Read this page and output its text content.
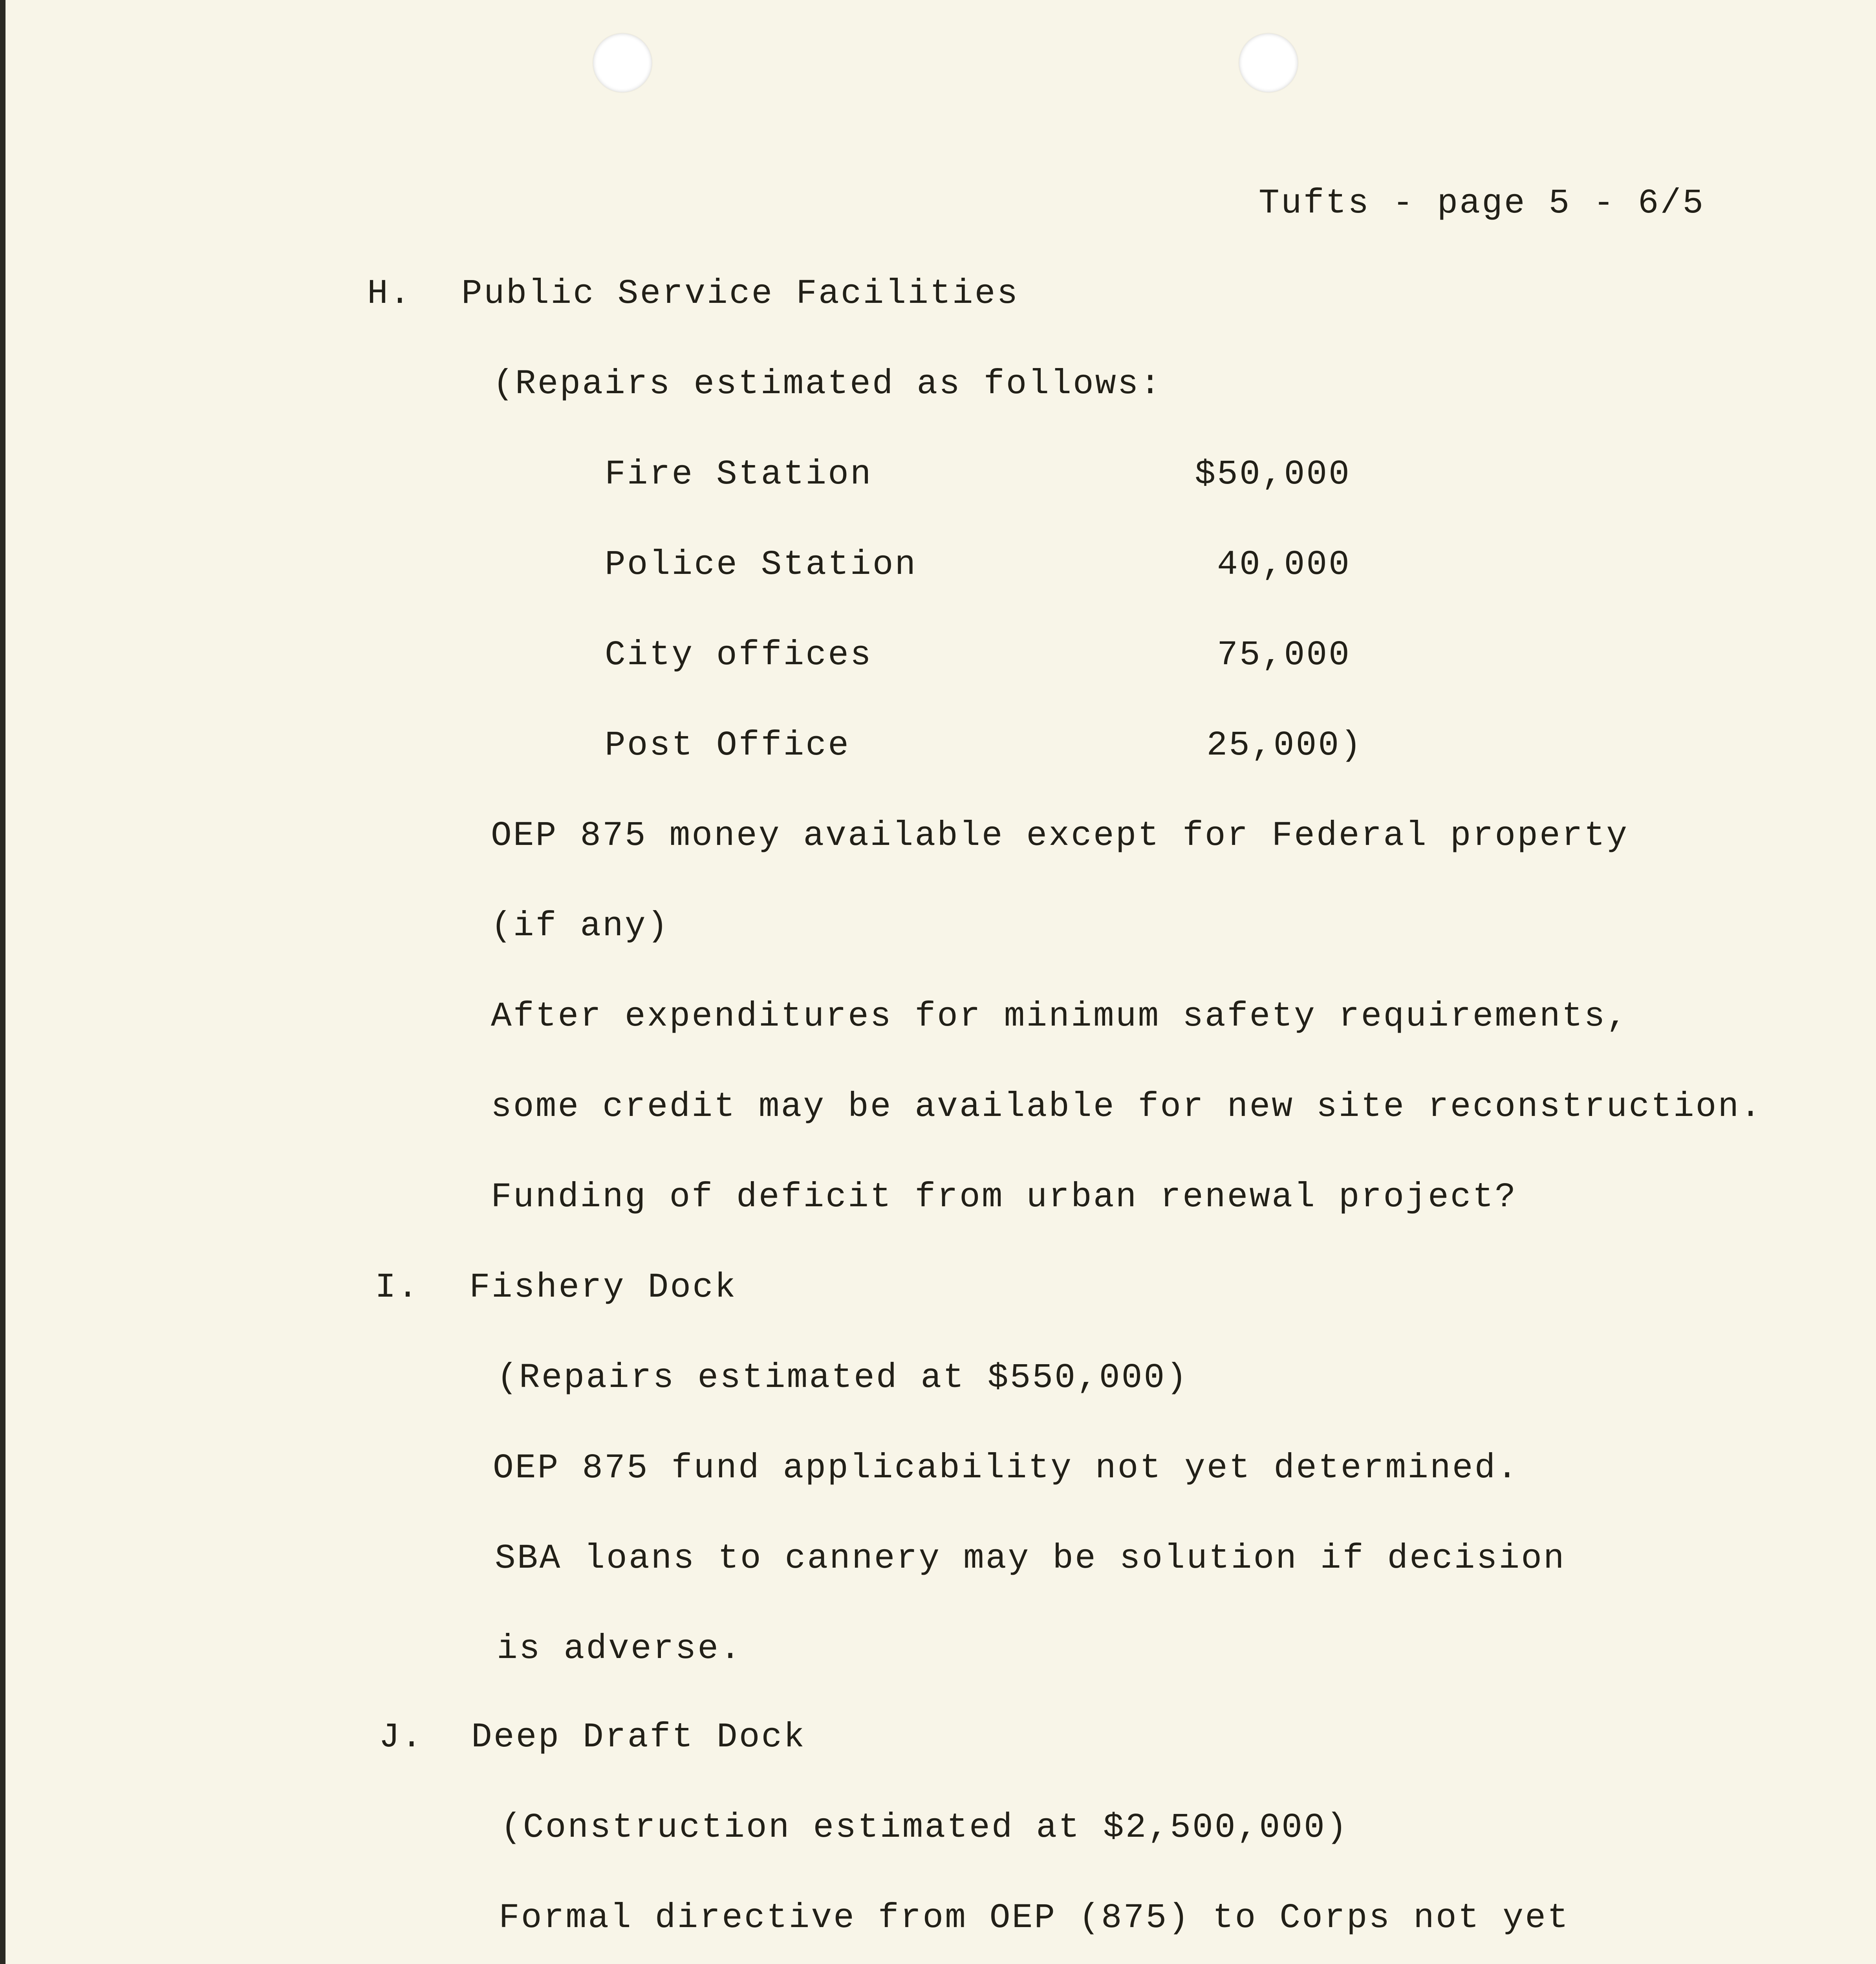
Tufts - page 5 - 6/5
H. Public Service Facilities
(Repairs estimated as follows:
Fire Station	$50,000
Police Station	40,000
City offices	75,000
Post Office	25,000)
OEP 875 money available except for Federal property
(if any)
After expenditures for minimum safety requirements,
some credit may be available for new site reconstruction.
Funding of deficit from urban renewal project?
I. Fishery Dock
(Repairs estimated at $550,000)
OEP 875 fund applicability not yet determined.
SBA loans to cannery may be solution if decision
is adverse.
J. Deep Draft Dock
(Construction estimated at $2,500,000)
Formal directive from OEP (875) to Corps not yet
